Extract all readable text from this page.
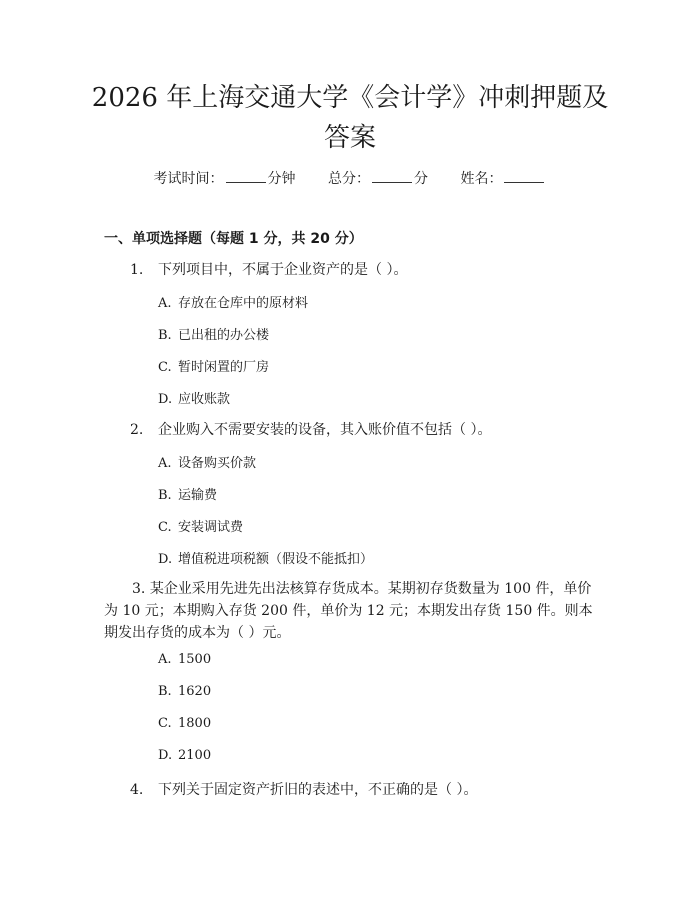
2026 年上海交通大学《会计学》冲刺押题及
答案
考试时间：	分钟 总分：	分 姓名：
一、单项选择题（每题 1 分，共 20 分）

1. 下列项目中，不属于企业资产的是（ ）。

A. 存放在仓库中的原材料

B. 已出租的办公楼

C. 暂时闲置的厂房

D. 应收账款

2. 企业购入不需要安装的设备，其入账价值不包括（ ）。

A. 设备购买价款

B. 运输费

C. 安装调试费

D. 增值税进项税额（假设不能抵扣）

3. 某企业采用先进先出法核算存货成本。某期初存货数量为 100 件，单价为 10 元；本期购入存货 200 件，单价为 12 元；本期发出存货 150 件。则本期发出存货的成本为（ ）元。

A. 1500

B. 1620

C. 1800

D. 2100

4. 下列关于固定资产折旧的表述中，不正确的是（ ）。
